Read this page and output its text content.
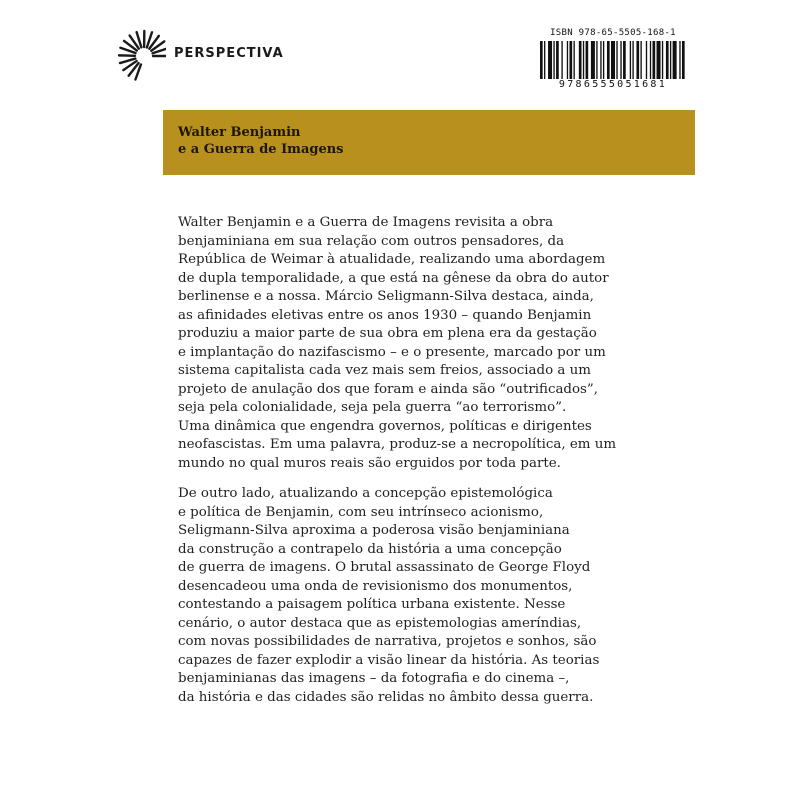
PERSPECTIVA
ISBN 978-65-5505-168-1
9786555051681
Walter Benjamin
e a Guerra de Imagens

Walter Benjamin e a Guerra de Imagens revisita a obra
benjaminiana em sua relação com outros pensadores, da
República de Weimar à atualidade, realizando uma abordagem
de dupla temporalidade, a que está na gênese da obra do autor
berlinense e a nossa. Márcio Seligmann-Silva destaca, ainda,
as afinidades eletivas entre os anos 1930 – quando Benjamin
produziu a maior parte de sua obra em plena era da gestação
e implantação do nazifascismo – e o presente, marcado por um
sistema capitalista cada vez mais sem freios, associado a um
projeto de anulação dos que foram e ainda são “outrificados”,
seja pela colonialidade, seja pela guerra “ao terrorismo”.
Uma dinâmica que engendra governos, políticas e dirigentes
neofascistas. Em uma palavra, produz-se a necropolítica, em um
mundo no qual muros reais são erguidos por toda parte.

De outro lado, atualizando a concepção epistemológica
e política de Benjamin, com seu intrínseco acionismo,
Seligmann-Silva aproxima a poderosa visão benjaminiana
da construção a contrapelo da história a uma concepção
de guerra de imagens. O brutal assassinato de George Floyd
desencadeou uma onda de revisionismo dos monumentos,
contestando a paisagem política urbana existente. Nesse
cenário, o autor destaca que as epistemologias ameríndias,
com novas possibilidades de narrativa, projetos e sonhos, são
capazes de fazer explodir a visão linear da história. As teorias
benjaminianas das imagens – da fotografia e do cinema –,
da história e das cidades são relidas no âmbito dessa guerra.
